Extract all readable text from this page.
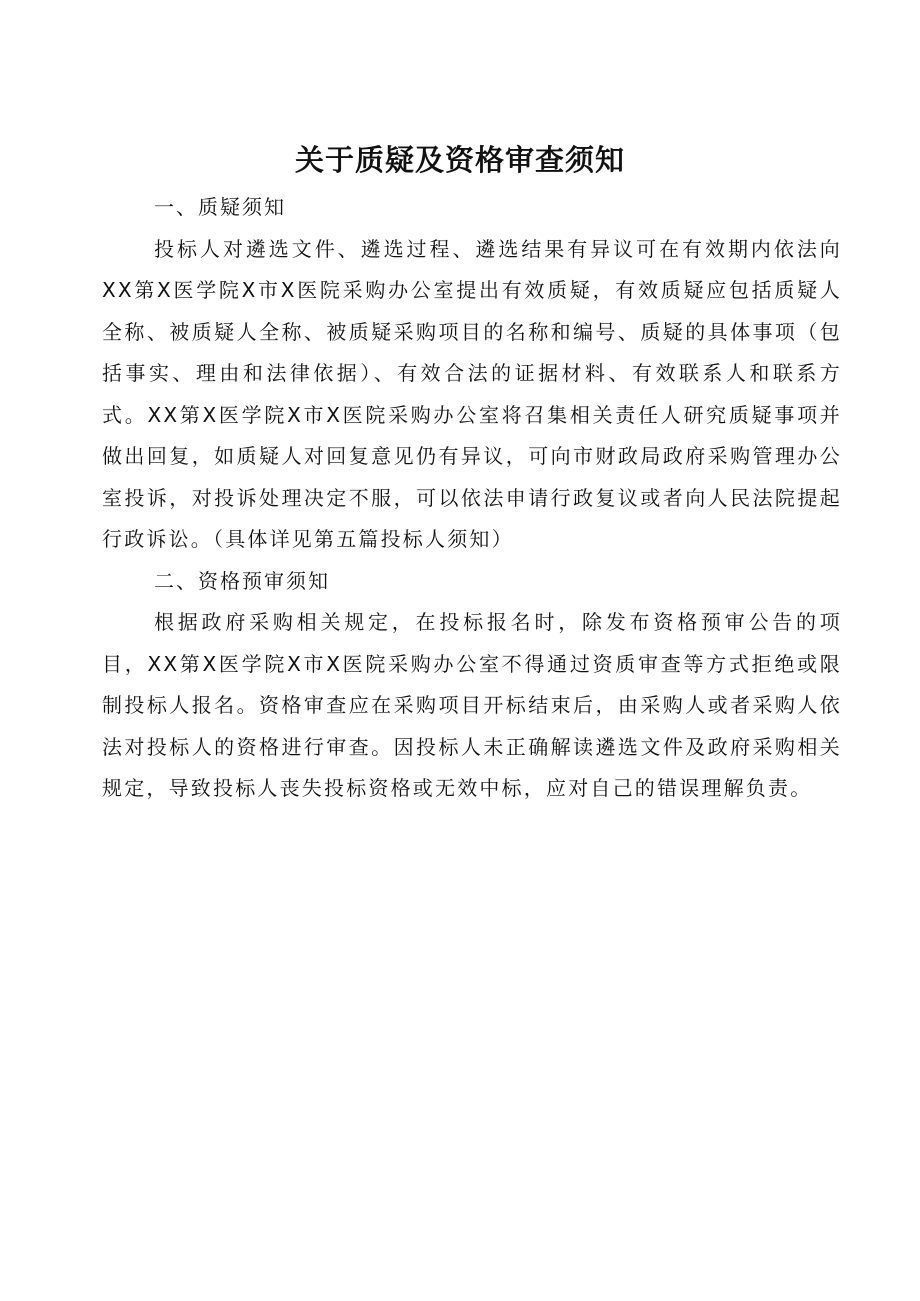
关于质疑及资格审查须知

一、质疑须知

投标人对遴选文件、遴选过程、遴选结果有异议可在有效期内依法向XX第X医学院X市X医院采购办公室提出有效质疑，有效质疑应包括质疑人全称、被质疑人全称、被质疑采购项目的名称和编号、质疑的具体事项（包括事实、理由和法律依据）、有效合法的证据材料、有效联系人和联系方式。XX第X医学院X市X医院采购办公室将召集相关责任人研究质疑事项并做出回复，如质疑人对回复意见仍有异议，可向市财政局政府采购管理办公室投诉，对投诉处理决定不服，可以依法申请行政复议或者向人民法院提起行政诉讼。（具体详见第五篇投标人须知）

二、资格预审须知

根据政府采购相关规定，在投标报名时，除发布资格预审公告的项目，XX第X医学院X市X医院采购办公室不得通过资质审查等方式拒绝或限制投标人报名。资格审查应在采购项目开标结束后，由采购人或者采购人依法对投标人的资格进行审查。因投标人未正确解读遴选文件及政府采购相关规定，导致投标人丧失投标资格或无效中标，应对自己的错误理解负责。
